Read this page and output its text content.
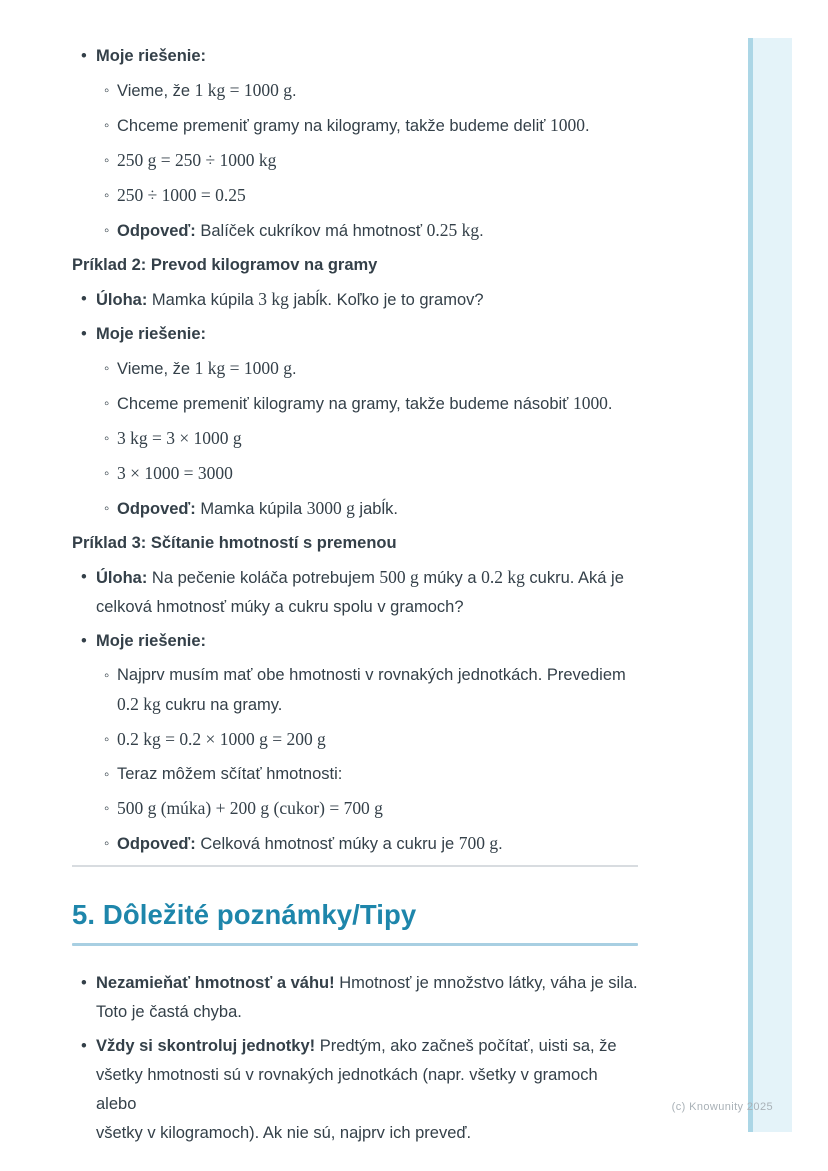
• Moje riešenie:
◦ Vieme, že 1 kg = 1000 g.
◦ Chceme premeniť gramy na kilogramy, takže budeme deliť 1000.
◦ 250 g = 250 ÷ 1000 kg
◦ 250 ÷ 1000 = 0.25
◦ Odpoveď: Balíček cukríkov má hmotnosť 0.25 kg.
Príklad 2: Prevod kilogramov na gramy
• Úloha: Mamka kúpila 3 kg jabĺk. Koľko je to gramov?
• Moje riešenie:
◦ Vieme, že 1 kg = 1000 g.
◦ Chceme premeniť kilogramy na gramy, takže budeme násobiť 1000.
◦ 3 kg = 3 × 1000 g
◦ 3 × 1000 = 3000
◦ Odpoveď: Mamka kúpila 3000 g jabĺk.
Príklad 3: Sčítanie hmotností s premenou
• Úloha: Na pečenie koláča potrebujem 500 g múky a 0.2 kg cukru. Aká je
celková hmotnosť múky a cukru spolu v gramoch?
• Moje riešenie:
◦ Najprv musím mať obe hmotnosti v rovnakých jednotkách. Prevediem
0.2 kg cukru na gramy.
◦ 0.2 kg = 0.2 × 1000 g = 200 g
◦ Teraz môžem sčítať hmotnosti:
◦ 500 g (múka) + 200 g (cukor) = 700 g
◦ Odpoveď: Celková hmotnosť múky a cukru je 700 g.
5. Dôležité poznámky/Tipy
• Nezamieňať hmotnosť a váhu! Hmotnosť je množstvo látky, váha je sila.
Toto je častá chyba.
• Vždy si skontroluj jednotky! Predtým, ako začneš počítať, uisti sa, že
všetky hmotnosti sú v rovnakých jednotkách (napr. všetky v gramoch alebo
všetky v kilogramoch). Ak nie sú, najprv ich preveď.
(c) Knowunity 2025
